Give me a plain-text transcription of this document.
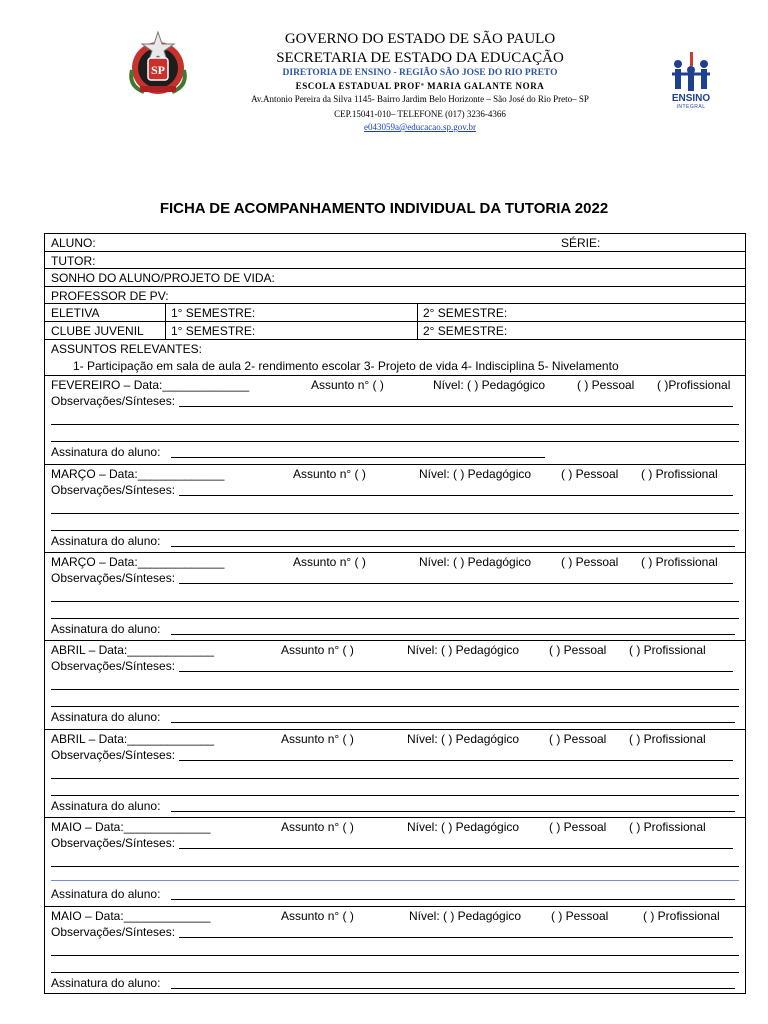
SP
ENSINO
INTEGRAL
GOVERNO DO ESTADO DE SÃO PAULO
SECRETARIA DE ESTADO DA EDUCAÇÃO
DIRETORIA DE ENSINO - REGIÃO SÃO JOSE DO RIO PRETO
ESCOLA ESTADUAL PROFª MARIA GALANTE NORA
Av.Antonio Pereira da Silva 1145- Bairro Jardim Belo Horizonte – São José do Rio Preto– SP
CEP.15041-010– TELEFONE (017) 3236-4366
e043059a@educacao.sp.gov.br
FICHA DE ACOMPANHAMENTO INDIVIDUAL DA TUTORIA 2022
ALUNO:	SÉRIE:
TUTOR:
SONHO DO ALUNO/PROJETO DE VIDA:
PROFESSOR DE PV:
ELETIVA	1° SEMESTRE:	2° SEMESTRE:
CLUBE JUVENIL	1° SEMESTRE:	2° SEMESTRE:
ASSUNTOS RELEVANTES:
1- Participação em sala de aula 2- rendimento escolar 3- Projeto de vida 4- Indisciplina 5- Nivelamento
FEVEREIRO – Data:_____________	Assunto n° ( )	Nível: ( ) Pedagógico	( ) Pessoal ( )Profissional
Observações/Sínteses:
Assinatura do aluno:
MARÇO – Data:_____________	Assunto n° ( )	Nível: ( ) Pedagógico ( ) Pessoal ( ) Profissional
Observações/Sínteses:
Assinatura do aluno:
MARÇO – Data:_____________	Assunto n° ( )	Nível: ( ) Pedagógico ( ) Pessoal ( ) Profissional
Observações/Sínteses:
Assinatura do aluno:
ABRIL – Data:_____________	Assunto n° ( )	Nível: ( ) Pedagógico ( ) Pessoal ( ) Profissional
Observações/Sínteses:
Assinatura do aluno:
ABRIL – Data:_____________	Assunto n° ( )	Nível: ( ) Pedagógico ( ) Pessoal ( ) Profissional
Observações/Sínteses:
Assinatura do aluno:
MAIO – Data:_____________	Assunto n° ( )	Nível: ( ) Pedagógico ( ) Pessoal ( ) Profissional
Observações/Sínteses:
Assinatura do aluno:
MAIO – Data:_____________	Assunto n° ( )	Nível: ( ) Pedagógico ( ) Pessoal	( ) Profissional
Observações/Sínteses:
Assinatura do aluno:
